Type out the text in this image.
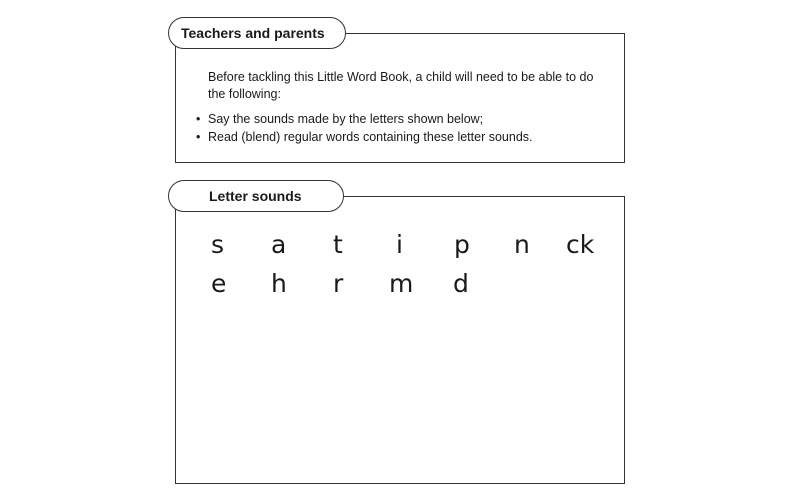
Teachers and parents

Before tackling this Little Word Book, a child will need to be able to do the following:

• Say the sounds made by the letters shown below;
• Read (blend) regular words containing these letter sounds.
Letter sounds
s a t i p n ck
e h r m d
